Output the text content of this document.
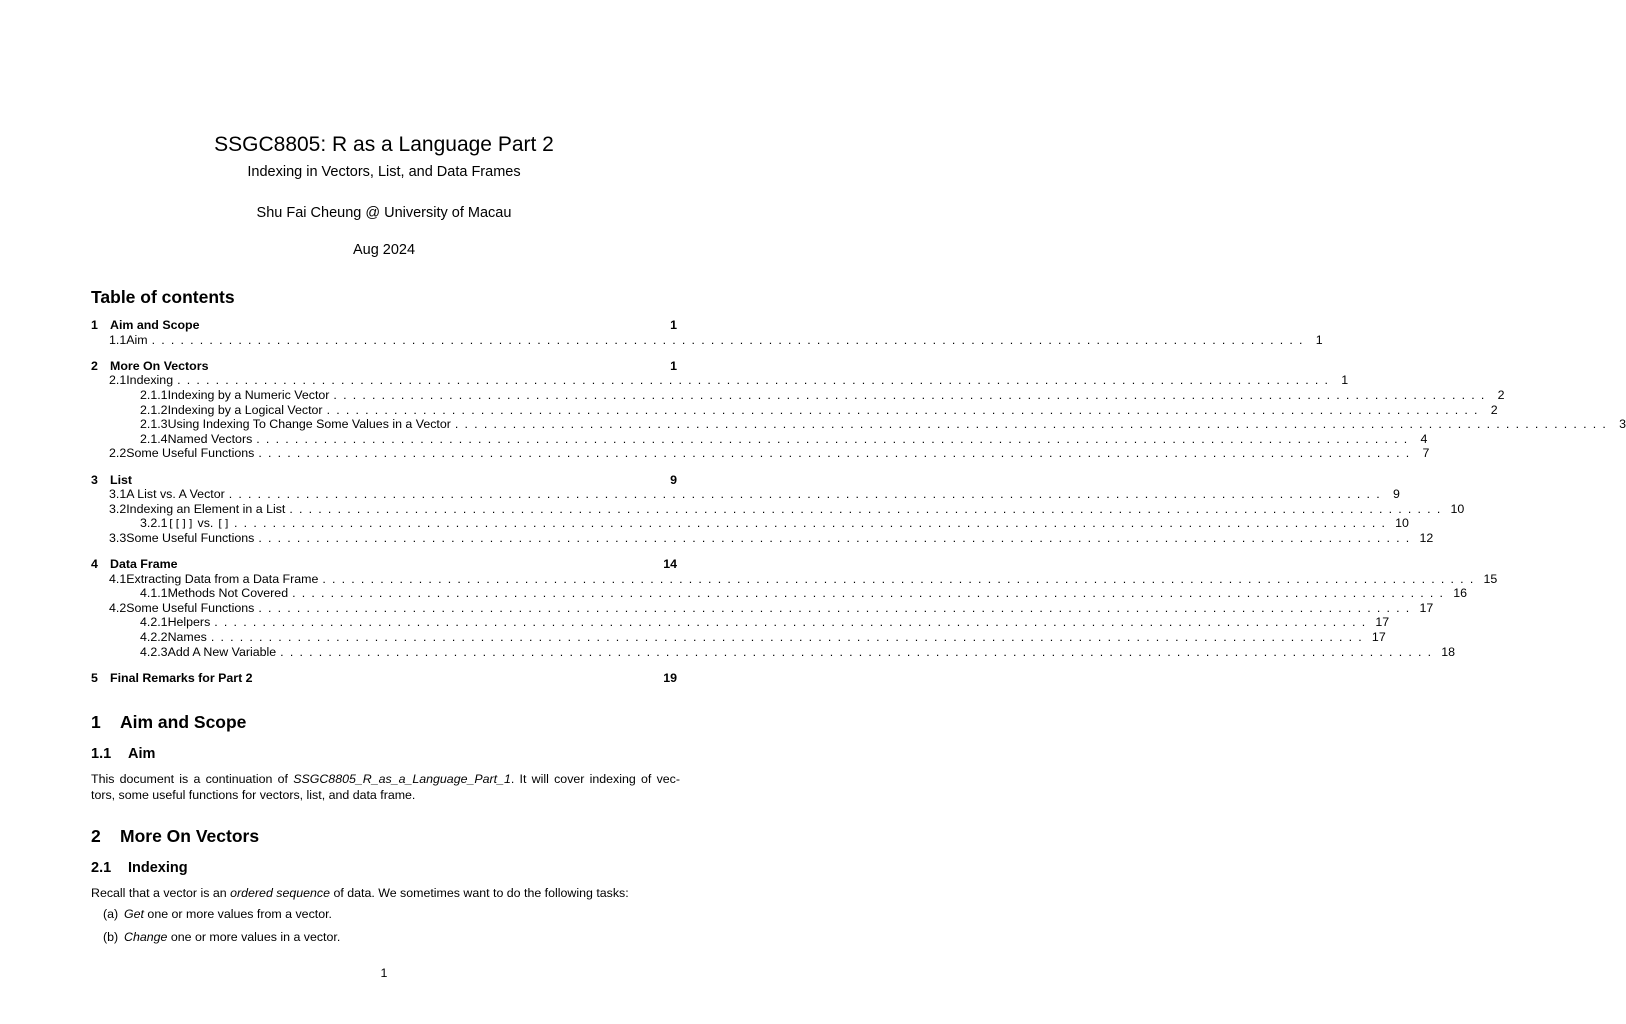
SSGC8805: R as a Language Part 2
Indexing in Vectors, List, and Data Frames
Shu Fai Cheung @ University of Macau
Aug 2024
Table of contents
1 Aim and Scope	1
1.1 Aim ........................................................................................................................ 1
2 More On Vectors	1
2.1 Indexing ........................................................................................................................ 1
2.1.1 Indexing by a Numeric Vector ........................................................................................................................ 2
2.1.2 Indexing by a Logical Vector ........................................................................................................................ 2
2.1.3 Using Indexing To Change Some Values in a Vector ........................................................................................................................ 3
2.1.4 Named Vectors ........................................................................................................................ 4
2.2 Some Useful Functions ........................................................................................................................ 7
3 List	9
3.1 A List vs. A Vector ........................................................................................................................ 9
3.2 Indexing an Element in a List ........................................................................................................................ 10
3.2.1 [[]] vs. [] ........................................................................................................................ 10
3.3 Some Useful Functions ........................................................................................................................ 12
4 Data Frame	14
4.1 Extracting Data from a Data Frame ........................................................................................................................ 15
4.1.1 Methods Not Covered ........................................................................................................................ 16
4.2 Some Useful Functions ........................................................................................................................ 17
4.2.1 Helpers ........................................................................................................................ 17
4.2.2 Names ........................................................................................................................ 17
4.2.3 Add A New Variable ........................................................................................................................ 18
5 Final Remarks for Part 2	19
1 Aim and Scope
1.1 Aim
This document is a continuation of SSGC8805_R_as_a_Language_Part_1. It will cover indexing of vec-tors, some useful functions for vectors, list, and data frame.
2 More On Vectors
2.1 Indexing
Recall that a vector is an ordered sequence of data. We sometimes want to do the following tasks:
(a) Get one or more values from a vector.
(b) Change one or more values in a vector.
1
